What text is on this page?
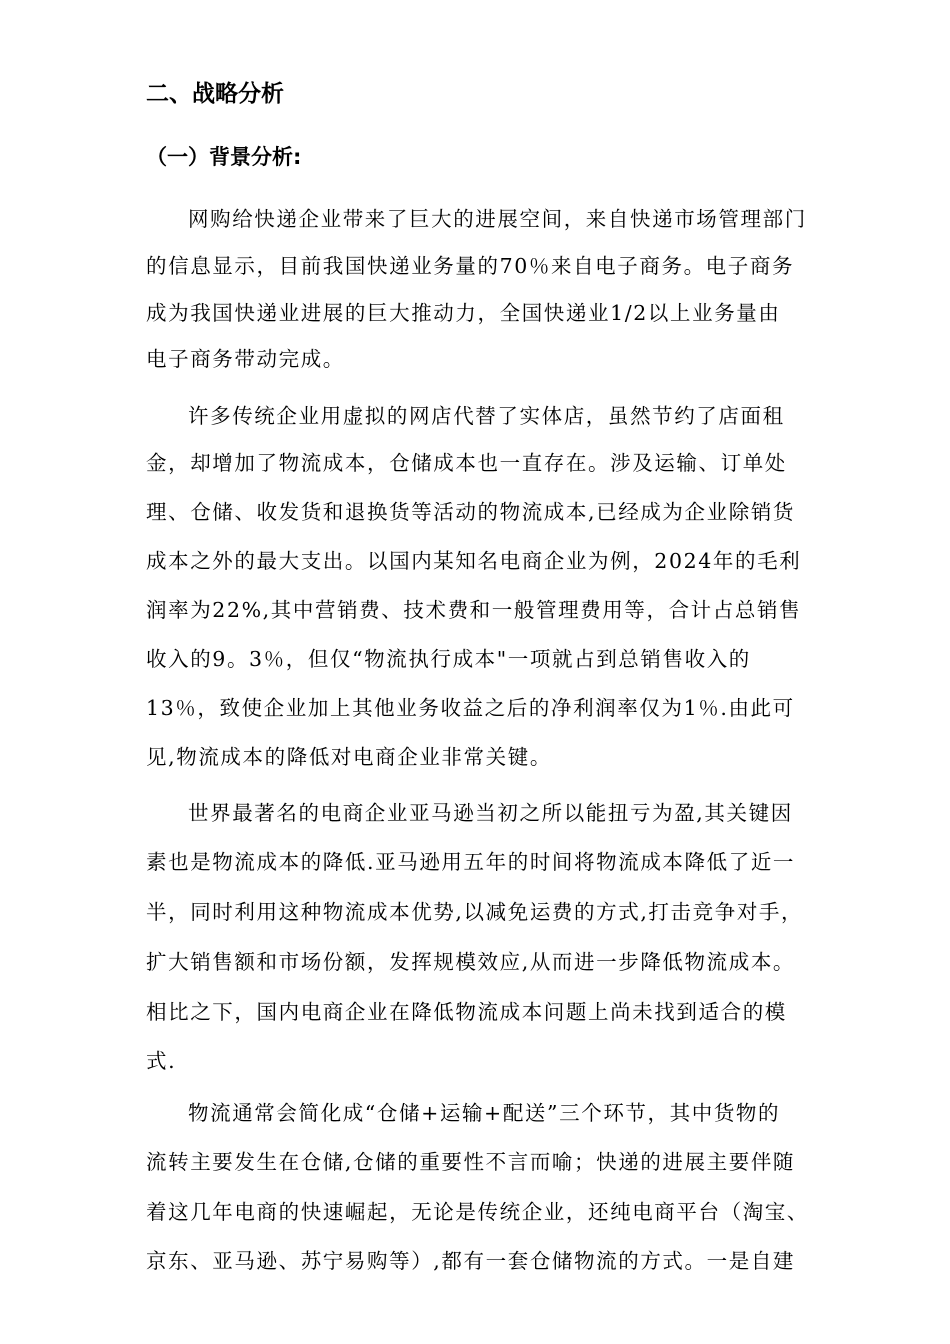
二、战略分析
（一）背景分析:
网购给快递企业带来了巨大的进展空间，来自快递市场管理部门
的信息显示，目前我国快递业务量的70％来自电子商务。电子商务
成为我国快递业进展的巨大推动力，全国快递业1/2以上业务量由
电子商务带动完成。
许多传统企业用虚拟的网店代替了实体店，虽然节约了店面租
金，却增加了物流成本，仓储成本也一直存在。涉及运输、订单处
理、仓储、收发货和退换货等活动的物流成本,已经成为企业除销货
成本之外的最大支出。以国内某知名电商企业为例，2024年的毛利
润率为22%,其中营销费、技术费和一般管理费用等，合计占总销售
收入的9。3％，但仅“物流执行成本"一项就占到总销售收入的
13％，致使企业加上其他业务收益之后的净利润率仅为1％.由此可
见,物流成本的降低对电商企业非常关键。
世界最著名的电商企业亚马逊当初之所以能扭亏为盈,其关键因
素也是物流成本的降低.亚马逊用五年的时间将物流成本降低了近一
半，同时利用这种物流成本优势,以减免运费的方式,打击竞争对手，
扩大销售额和市场份额，发挥规模效应,从而进一步降低物流成本。
相比之下，国内电商企业在降低物流成本问题上尚未找到适合的模
式.
物流通常会简化成“仓储+运输+配送”三个环节，其中货物的
流转主要发生在仓储,仓储的重要性不言而喻；快递的进展主要伴随
着这几年电商的快速崛起，无论是传统企业，还纯电商平台（淘宝、
京东、亚马逊、苏宁易购等）,都有一套仓储物流的方式。一是自建
